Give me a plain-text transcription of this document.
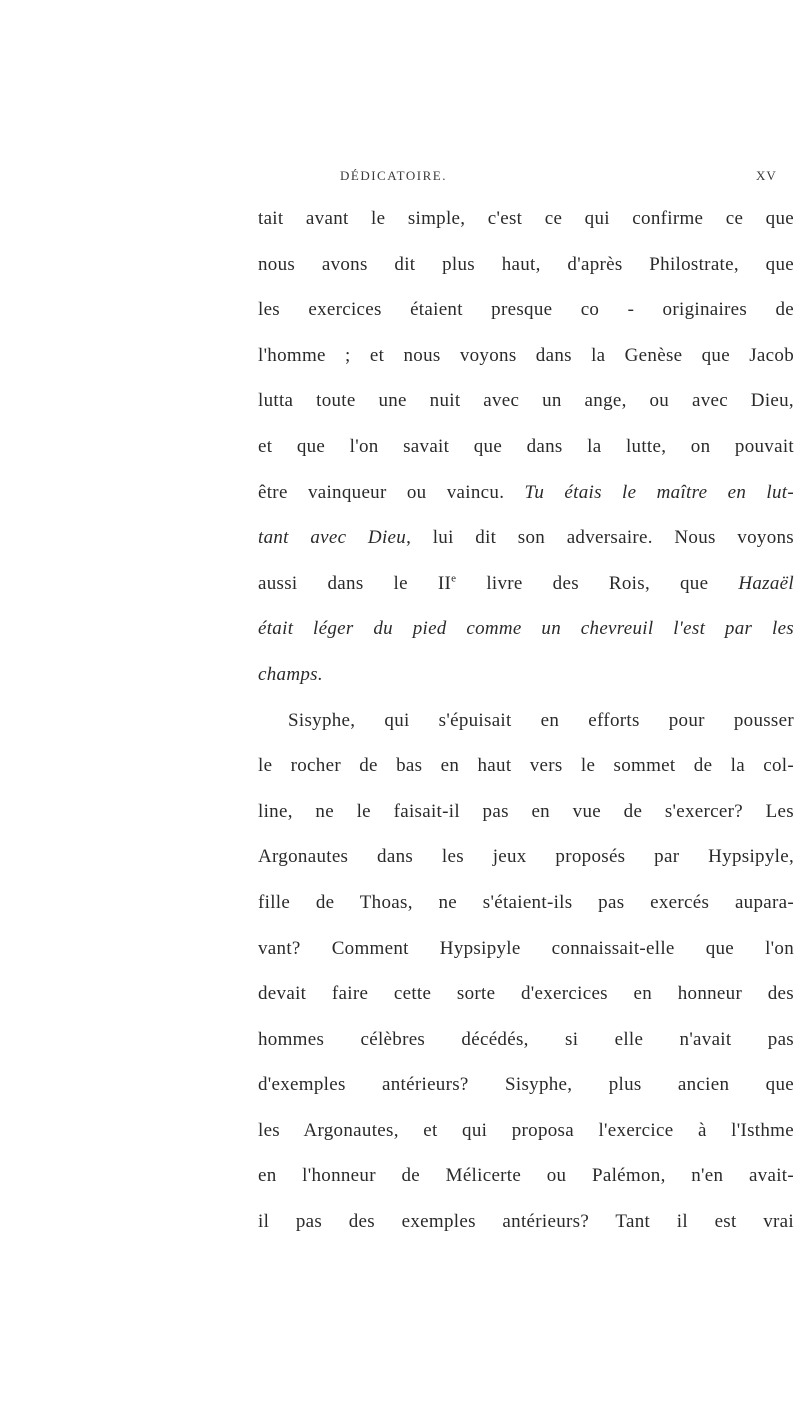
DÉDICATOIRE.	XV
tait avant le simple, c'est ce qui confirme ce que
nous avons dit plus haut, d'après Philostrate, que
les exercices étaient presque co - originaires de
l'homme ; et nous voyons dans la Genèse que Jacob
lutta toute une nuit avec un ange, ou avec Dieu,
et que l'on savait que dans la lutte, on pouvait
être vainqueur ou vaincu. Tu étais le maître en lut-
tant avec Dieu, lui dit son adversaire. Nous voyons
aussi dans le IIe livre des Rois, que Hazaël
était léger du pied comme un chevreuil l'est par les
champs.
Sisyphe, qui s'épuisait en efforts pour pousser
le rocher de bas en haut vers le sommet de la col-
line, ne le faisait-il pas en vue de s'exercer? Les
Argonautes dans les jeux proposés par Hypsipyle,
fille de Thoas, ne s'étaient-ils pas exercés aupara-
vant? Comment Hypsipyle connaissait-elle que l'on
devait faire cette sorte d'exercices en honneur des
hommes célèbres décédés, si elle n'avait pas
d'exemples antérieurs? Sisyphe, plus ancien que
les Argonautes, et qui proposa l'exercice à l'Isthme
en l'honneur de Mélicerte ou Palémon, n'en avait-
il pas des exemples antérieurs? Tant il est vrai
